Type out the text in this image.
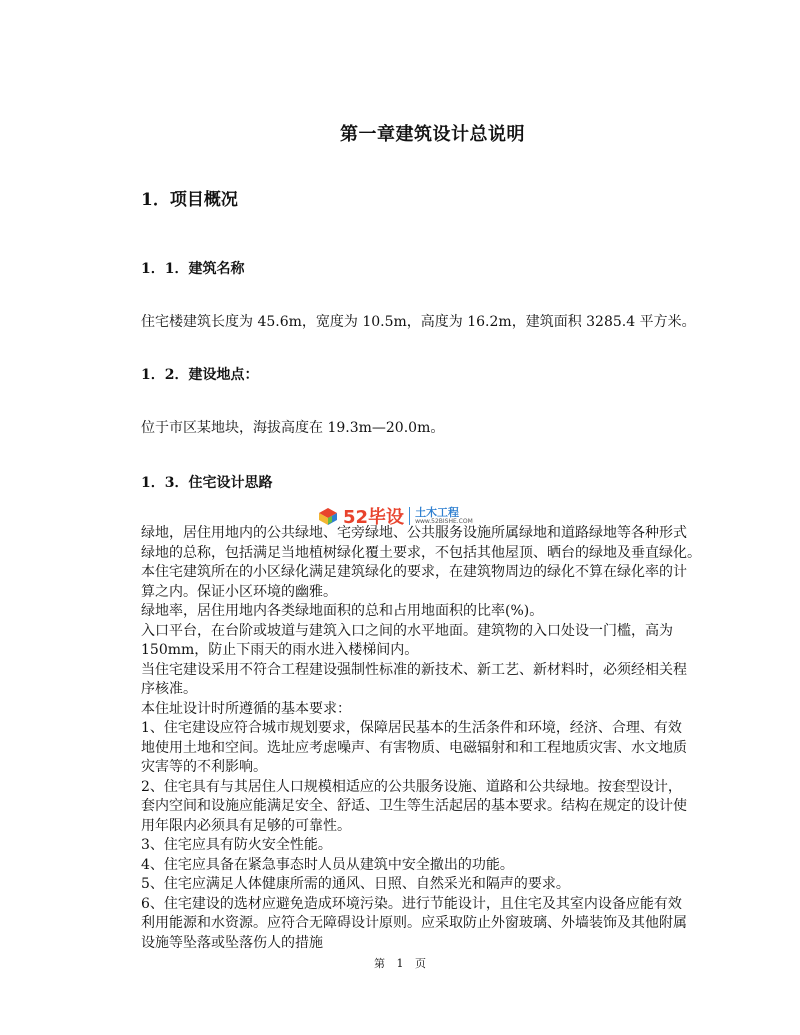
第一章建筑设计总说明
1．项目概况
1．1．建筑名称
住宅楼建筑长度为 45.6m，宽度为 10.5m，高度为 16.2m，建筑面积 3285.4 平方米。
1．2．建设地点：
位于市区某地块，海拔高度在 19.3m—20.0m。
1．3．住宅设计思路
52毕设 土木工程
www.52BISHE.COM
绿地，居住用地内的公共绿地、宅旁绿地、公共服务设施所属绿地和道路绿地等各种形式
绿地的总称，包括满足当地植树绿化覆土要求，不包括其他屋顶、晒台的绿地及垂直绿化。
本住宅建筑所在的小区绿化满足建筑绿化的要求，在建筑物周边的绿化不算在绿化率的计
算之内。保证小区环境的幽雅。
绿地率，居住用地内各类绿地面积的总和占用地面积的比率(%)。
入口平台，在台阶或坡道与建筑入口之间的水平地面。建筑物的入口处设一门槛，高为
150mm，防止下雨天的雨水进入楼梯间内。
当住宅建设采用不符合工程建设强制性标准的新技术、新工艺、新材料时，必须经相关程
序核准。
本住址设计时所遵循的基本要求：
1、住宅建设应符合城市规划要求，保障居民基本的生活条件和环境，经济、合理、有效
地使用土地和空间。选址应考虑噪声、有害物质、电磁辐射和和工程地质灾害、水文地质
灾害等的不利影响。
2、住宅具有与其居住人口规模相适应的公共服务设施、道路和公共绿地。按套型设计，
套内空间和设施应能满足安全、舒适、卫生等生活起居的基本要求。结构在规定的设计使
用年限内必须具有足够的可靠性。
3、住宅应具有防火安全性能。
4、住宅应具备在紧急事态时人员从建筑中安全撤出的功能。
5、住宅应满足人体健康所需的通风、日照、自然采光和隔声的要求。
6、住宅建设的选材应避免造成环境污染。进行节能设计，且住宅及其室内设备应能有效
利用能源和水资源。应符合无障碍设计原则。应采取防止外窗玻璃、外墙装饰及其他附属
设施等坠落或坠落伤人的措施
第 1 页
